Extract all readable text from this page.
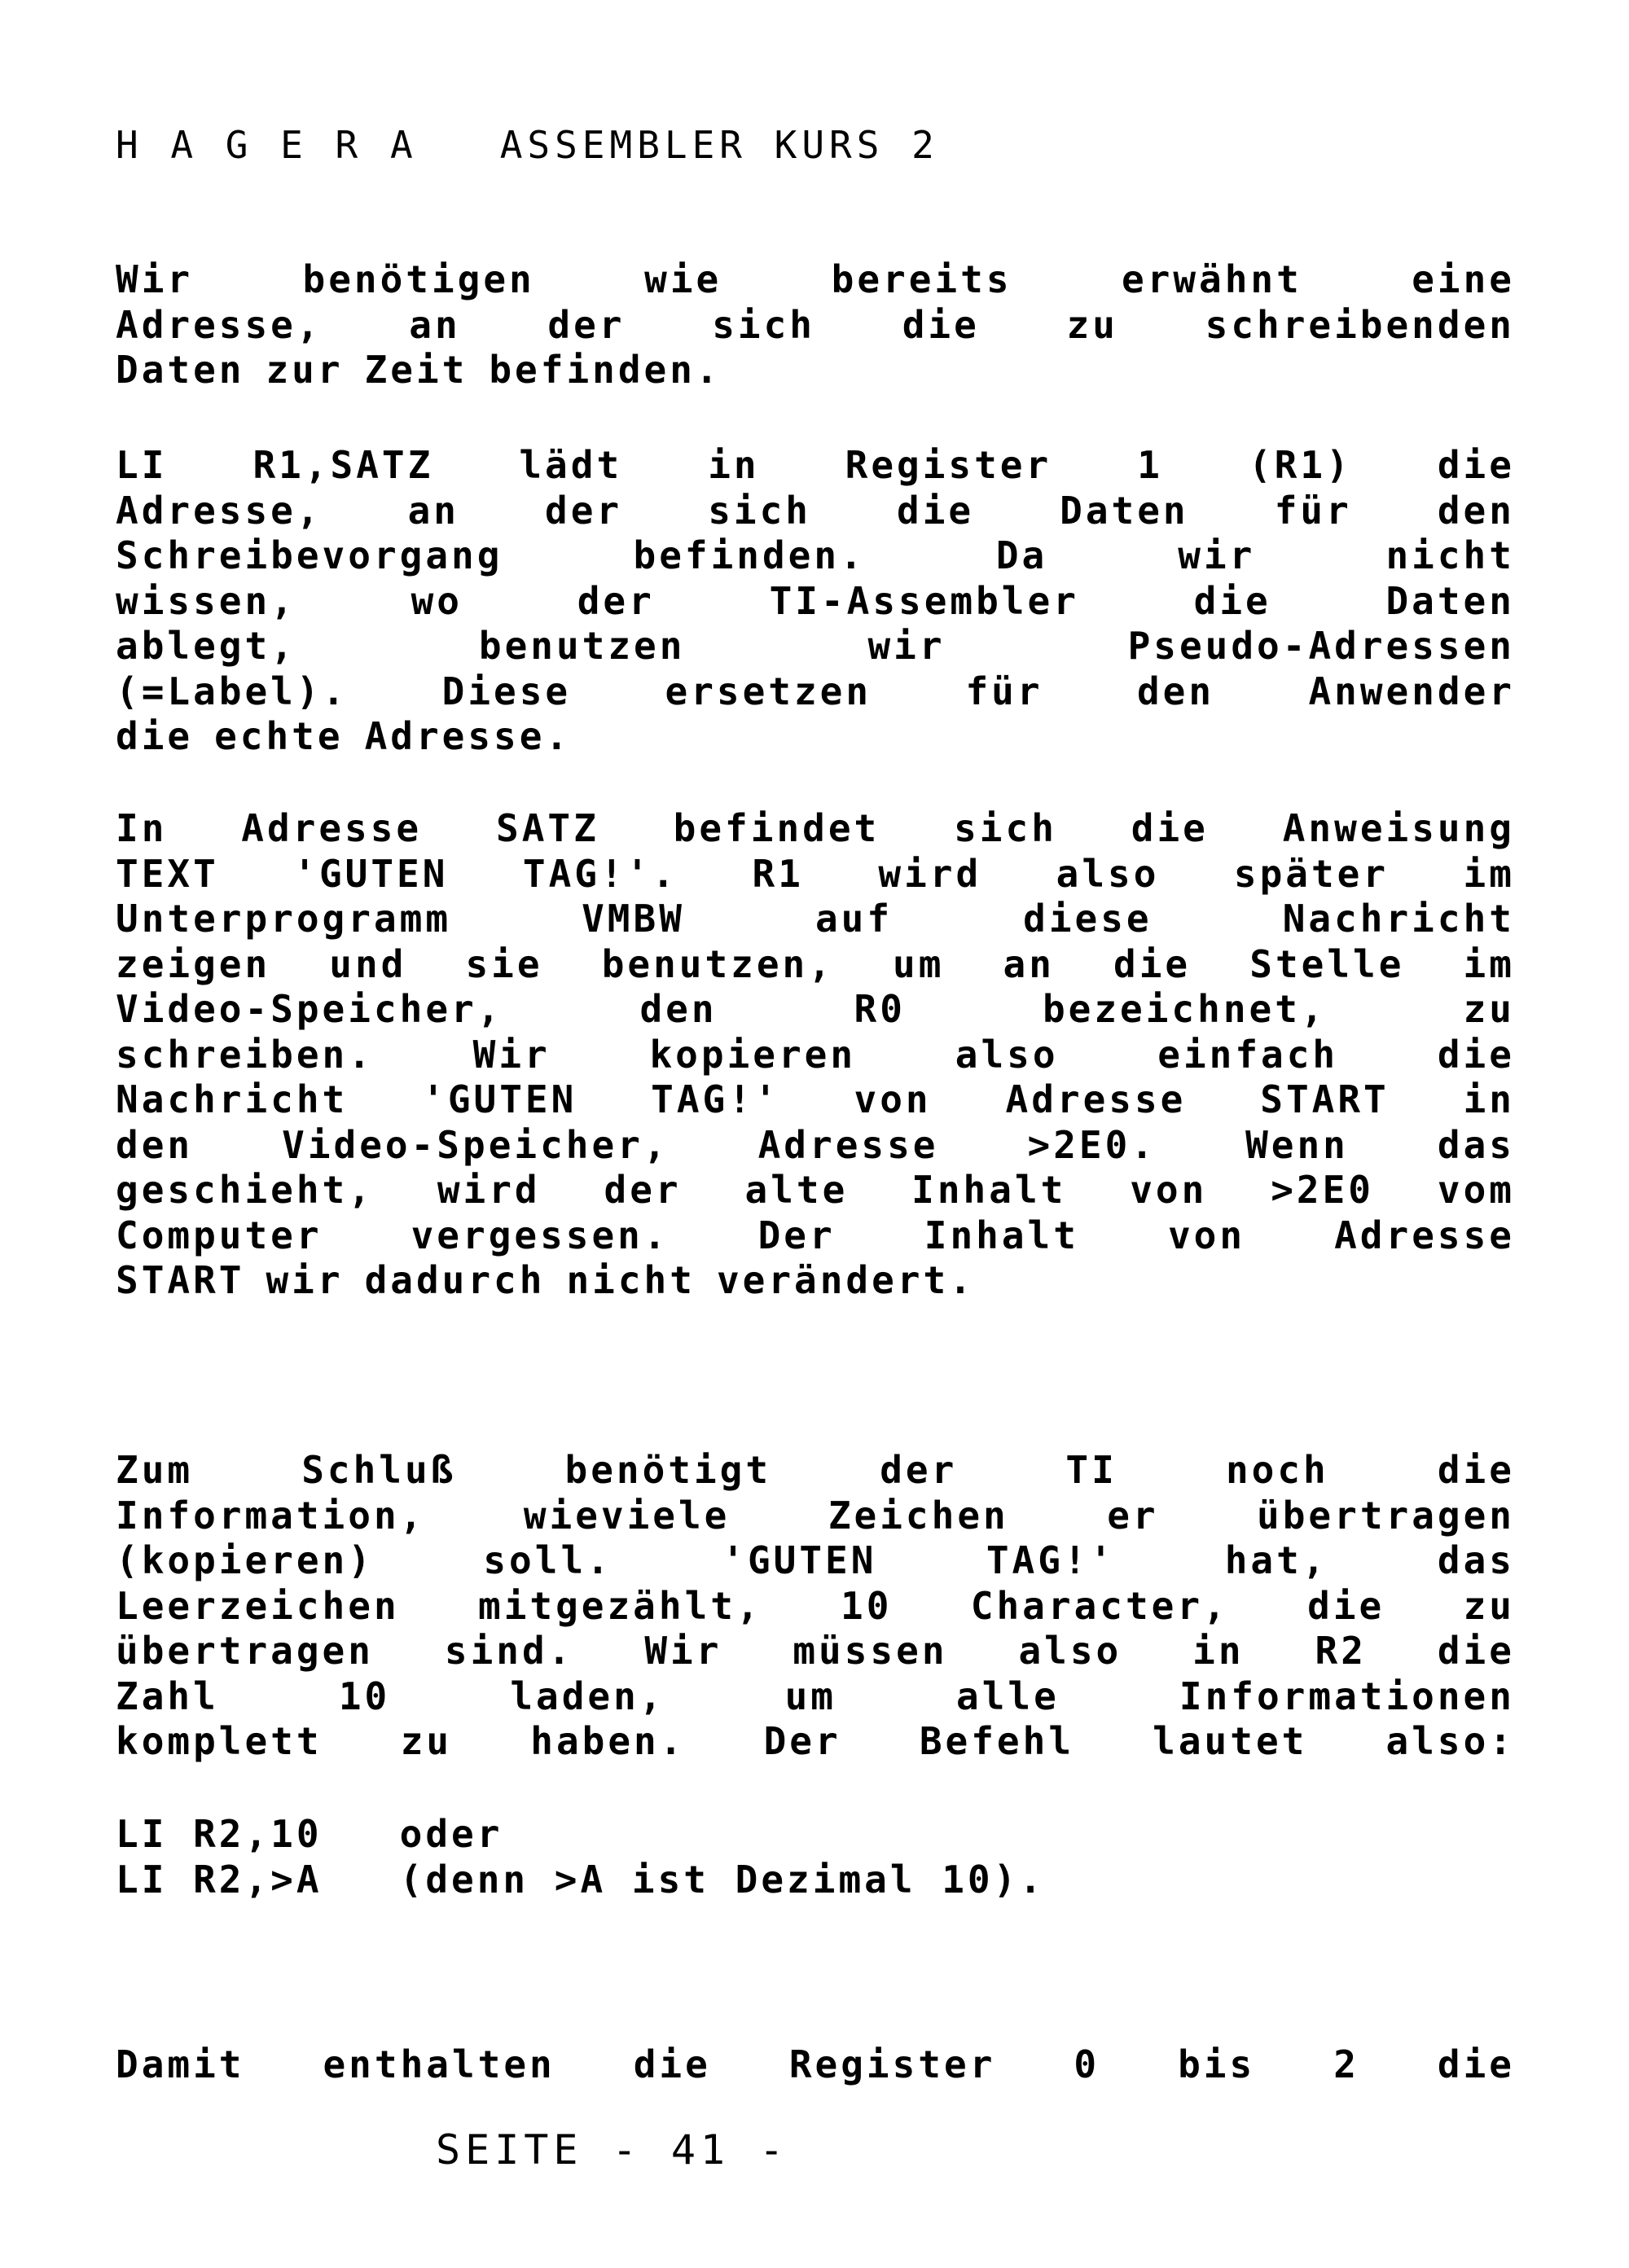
H A G E R A   ASSEMBLER KURS 2
Wir	benötigen	wie	bereits	erwähnt	eine
Adresse, an der sich die zu schreibenden
Daten zur Zeit befinden.
LI R1,SATZ lädt in Register 1 (R1) die
Adresse, an der sich die Daten für den
Schreibevorgang	befinden.	Da	wir	nicht
wissen,	wo	der	TI-Assembler	die	Daten
ablegt,	benutzen	wir	Pseudo-Adressen
(=Label).	Diese	ersetzen	für	den	Anwender
die echte Adresse.
In Adresse SATZ befindet sich die Anweisung
TEXT 'GUTEN TAG!'. R1 wird also später im
Unterprogramm	VMBW	auf	diese	Nachricht
zeigen und sie benutzen, um an die Stelle im
Video-Speicher,	den	R0	bezeichnet,	zu
schreiben.	Wir	kopieren	also	einfach	die
Nachricht 'GUTEN TAG!' von Adresse START in
den Video-Speicher, Adresse >2E0. Wenn das
geschieht, wird der alte Inhalt von >2E0 vom
Computer vergessen. Der Inhalt von Adresse
START wir dadurch nicht verändert.
Zum	Schluß	benötigt	der	TI	noch	die
Information,	wieviele	Zeichen	er	übertragen
(kopieren)	soll.	'GUTEN	TAG!'	hat,	das
Leerzeichen mitgezählt, 10 Character, die zu
übertragen sind. Wir müssen also in R2 die
Zahl	10	laden,	um	alle	Informationen
komplett zu haben. Der Befehl lautet also:
LI R2,10   oder
LI R2,>A   (denn >A ist Dezimal 10).
Damit enthalten die Register 0 bis 2 die
SEITE - 41 -
